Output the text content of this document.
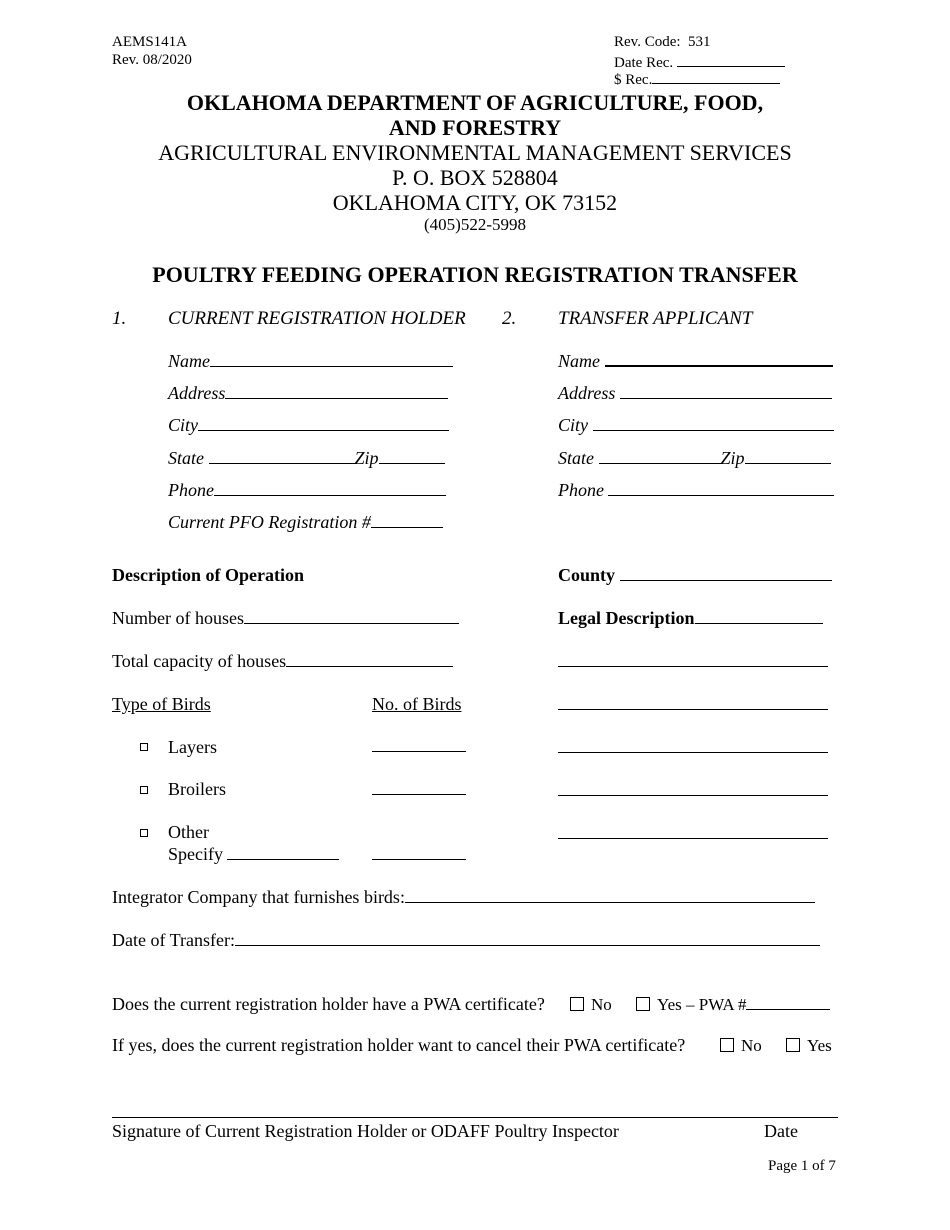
AEMS141A
Rev. 08/2020
Rev. Code: 531
Date Rec.
$ Rec.
OKLAHOMA DEPARTMENT OF AGRICULTURE, FOOD,
AND FORESTRY
AGRICULTURAL ENVIRONMENTAL MANAGEMENT SERVICES
P. O. BOX 528804
OKLAHOMA CITY, OK 73152
(405)522-5998
POULTRY FEEDING OPERATION REGISTRATION TRANSFER
1. CURRENT REGISTRATION HOLDER 2. TRANSFER APPLICANT
Name
Address
City
State	Zip
Phone
Current PFO Registration #
Name
Address
City
State	Zip
Phone
Description of Operation
Number of houses
Total capacity of houses
Type of Birds	No. of Birds
Layers
Broilers
Other
Specify
County
Legal Description
Integrator Company that furnishes birds:
Date of Transfer:
Does the current registration holder have a PWA certificate?	No	Yes – PWA #
If yes, does the current registration holder want to cancel their PWA certificate?	No	Yes
Signature of Current Registration Holder or ODAFF Poultry Inspector	Date
Page 1 of 7
